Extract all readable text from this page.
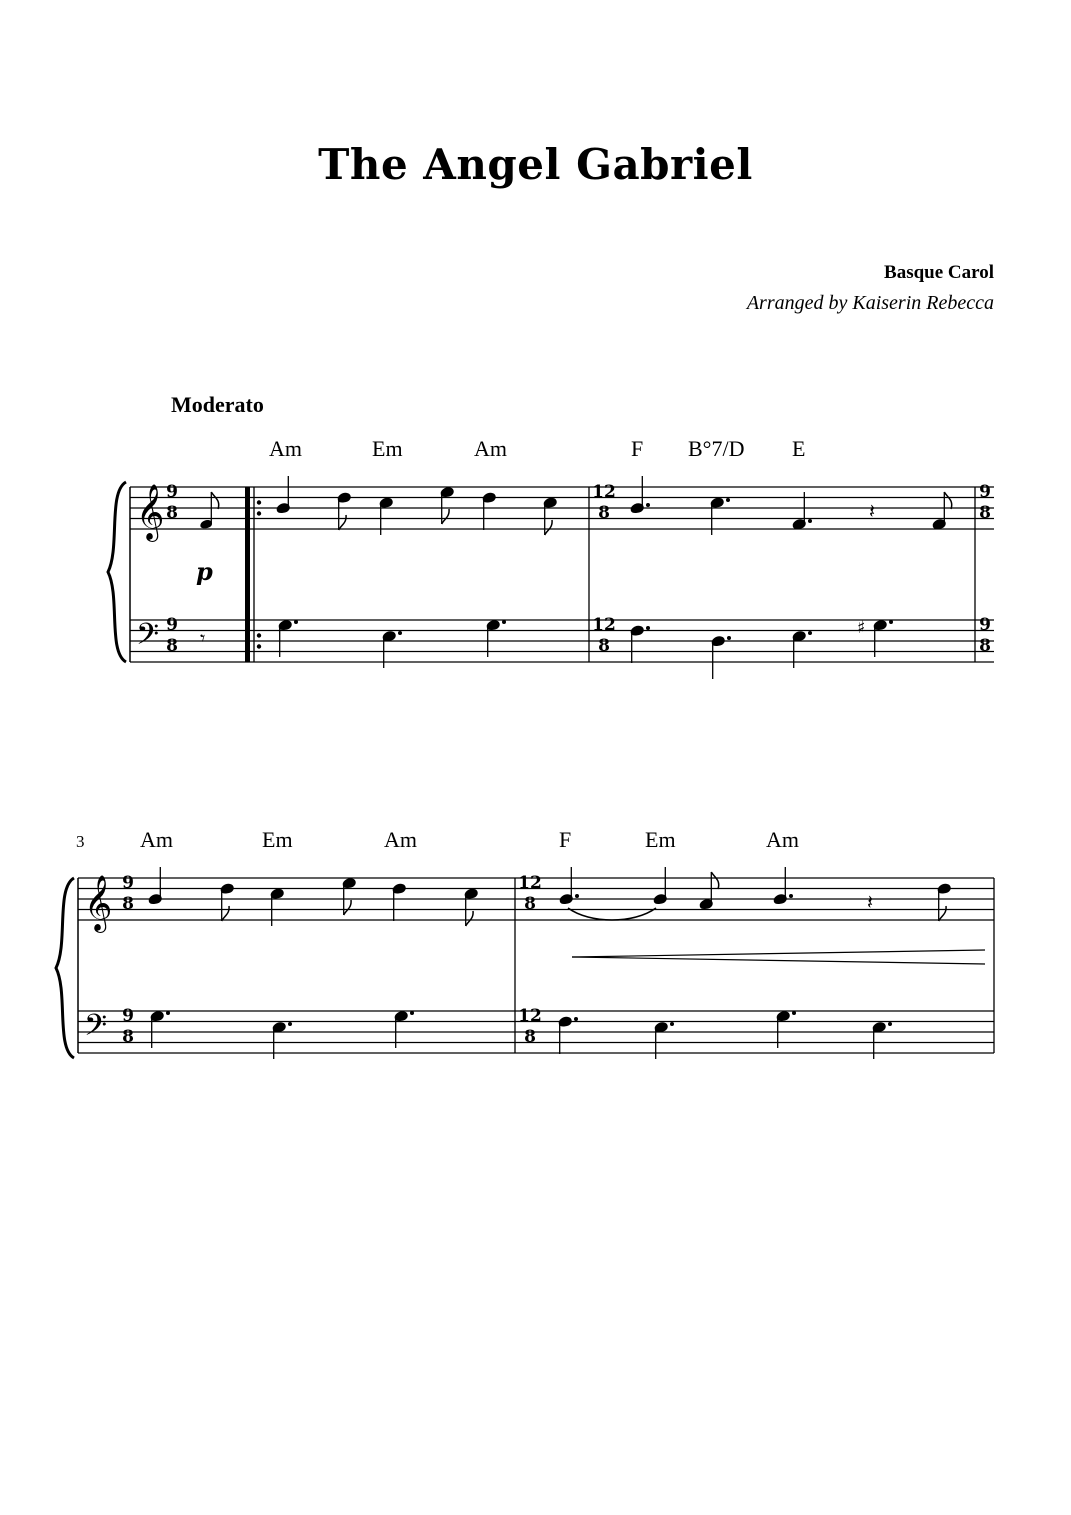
The Angel Gabriel
Basque Carol
Arranged by Kaiserin Rebecca
Moderato
𝄞
𝄢
9
8
9
8 𝄾
p
Am	Em	Am	F B°7/D E
12
8
12
8
𝄽
9
8
9
8
♯
3
𝄞
𝄢
9
8
9
8
Am	Em	Am	F	Em	Am
12
8
12
8
𝄽
